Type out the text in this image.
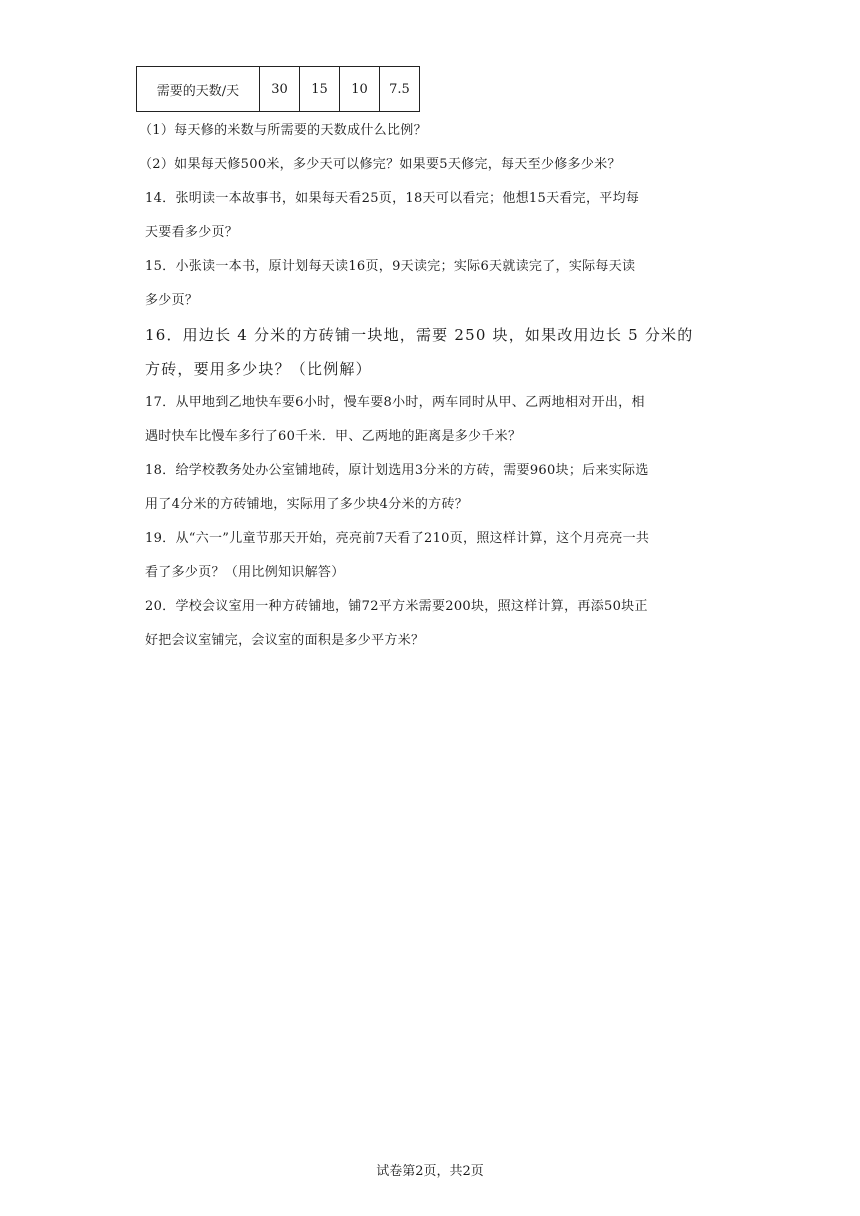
需要的天数/天	30	15	10	7.5

（1）每天修的米数与所需要的天数成什么比例？

（2）如果每天修500米，多少天可以修完？如果要5天修完，每天至少修多少米？

14．张明读一本故事书，如果每天看25页，18天可以看完；他想15天看完，平均每

天要看多少页？

15．小张读一本书，原计划每天读16页，9天读完；实际6天就读完了，实际每天读

多少页？

16．用边长 4 分米的方砖铺一块地，需要 250 块，如果改用边长 5 分米的

方砖，要用多少块？（比例解）

17．从甲地到乙地快车要6小时，慢车要8小时，两车同时从甲、乙两地相对开出，相

遇时快车比慢车多行了60千米．甲、乙两地的距离是多少千米？

18．给学校教务处办公室铺地砖，原计划选用3分米的方砖，需要960块；后来实际选

用了4分米的方砖铺地，实际用了多少块4分米的方砖？

19．从“六一”儿童节那天开始，亮亮前7天看了210页，照这样计算，这个月亮亮一共

看了多少页？（用比例知识解答）

20．学校会议室用一种方砖铺地，铺72平方米需要200块，照这样计算，再添50块正

好把会议室铺完，会议室的面积是多少平方米？

试卷第2页，共2页
